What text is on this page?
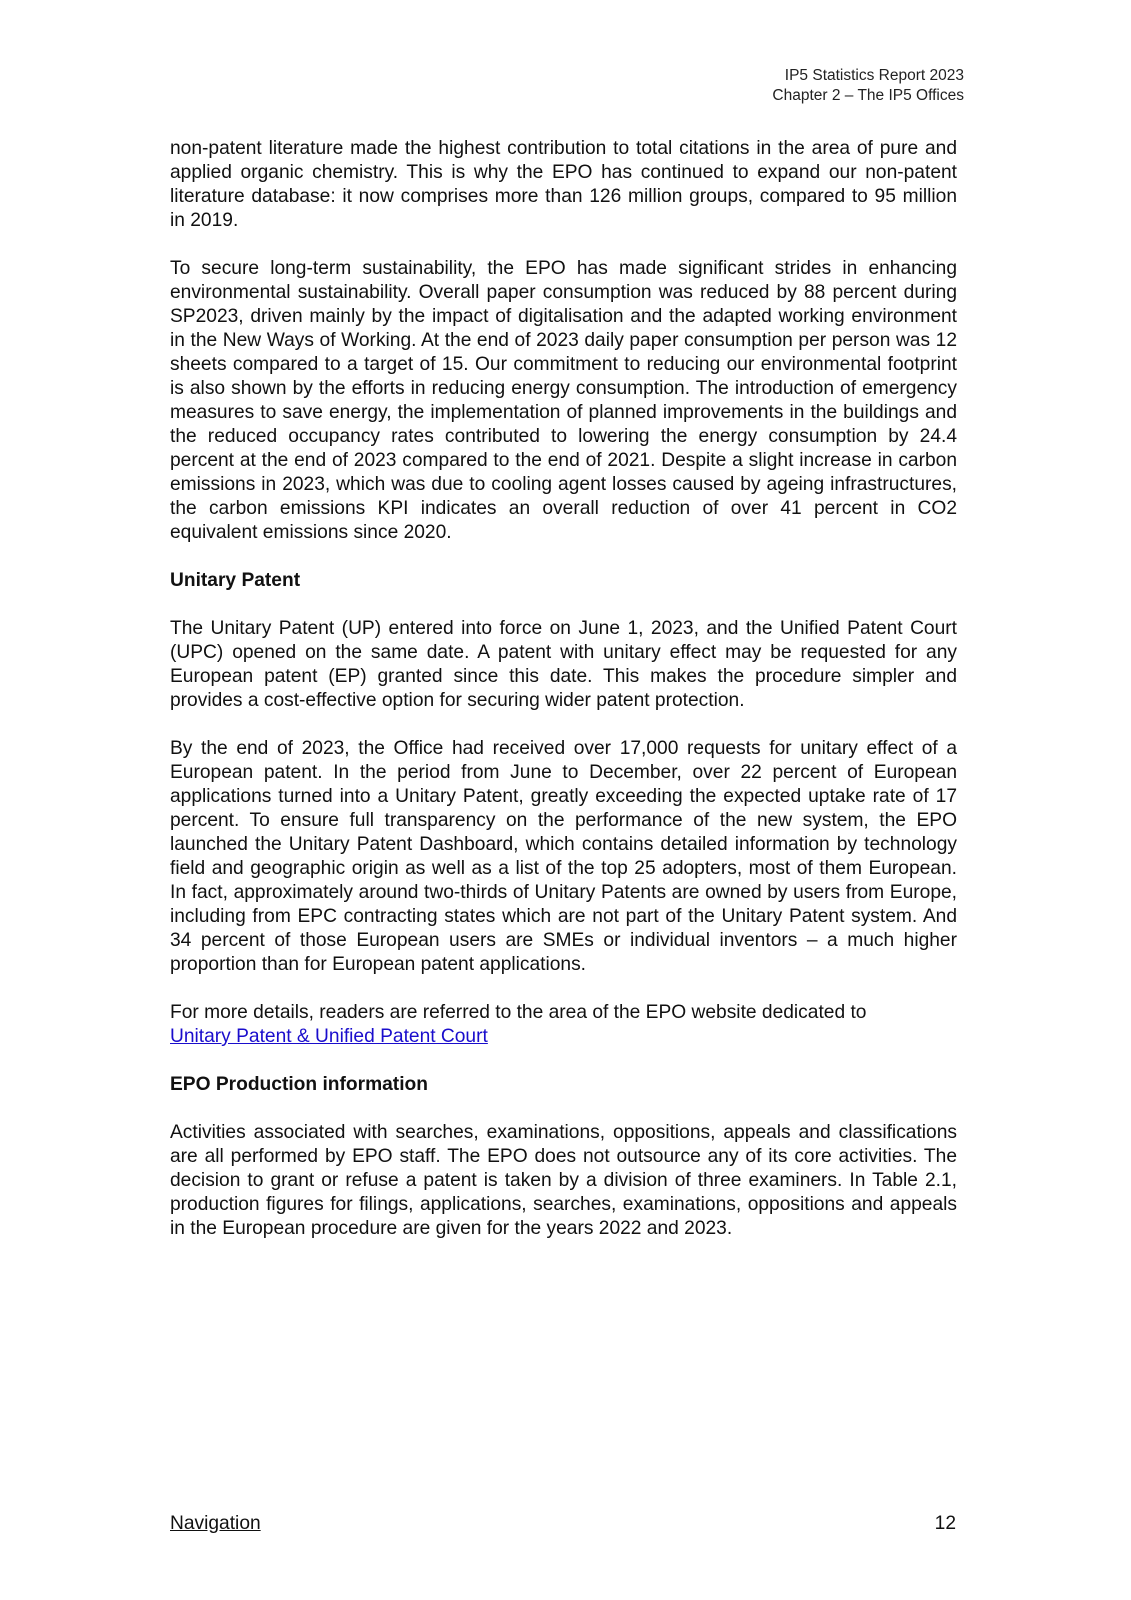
IP5 Statistics Report 2023
Chapter 2 – The IP5 Offices

non-patent literature made the highest contribution to total citations in the area of pure and applied organic chemistry. This is why the EPO has continued to expand our non-patent literature database: it now comprises more than 126 million groups, compared to 95 million in 2019.

To secure long-term sustainability, the EPO has made significant strides in enhancing environmental sustainability. Overall paper consumption was reduced by 88 percent during SP2023, driven mainly by the impact of digitalisation and the adapted working environment in the New Ways of Working. At the end of 2023 daily paper consumption per person was 12 sheets compared to a target of 15. Our commitment to reducing our environmental footprint is also shown by the efforts in reducing energy consumption. The introduction of emergency measures to save energy, the implementation of planned improvements in the buildings and the reduced occupancy rates contributed to lowering the energy consumption by 24.4 percent at the end of 2023 compared to the end of 2021. Despite a slight increase in carbon emissions in 2023, which was due to cooling agent losses caused by ageing infrastructures, the carbon emissions KPI indicates an overall reduction of over 41 percent in CO2 equivalent emissions since 2020.

Unitary Patent

The Unitary Patent (UP) entered into force on June 1, 2023, and the Unified Patent Court (UPC) opened on the same date. A patent with unitary effect may be requested for any European patent (EP) granted since this date. This makes the procedure simpler and provides a cost-effective option for securing wider patent protection.

By the end of 2023, the Office had received over 17,000 requests for unitary effect of a European patent. In the period from June to December, over 22 percent of European applications turned into a Unitary Patent, greatly exceeding the expected uptake rate of 17 percent. To ensure full transparency on the performance of the new system, the EPO launched the Unitary Patent Dashboard, which contains detailed information by technology field and geographic origin as well as a list of the top 25 adopters, most of them European. In fact, approximately around two-thirds of Unitary Patents are owned by users from Europe, including from EPC contracting states which are not part of the Unitary Patent system. And 34 percent of those European users are SMEs or individual inventors – a much higher proportion than for European patent applications.

For more details, readers are referred to the area of the EPO website dedicated to
Unitary Patent & Unified Patent Court

EPO Production information

Activities associated with searches, examinations, oppositions, appeals and classifications are all performed by EPO staff. The EPO does not outsource any of its core activities. The decision to grant or refuse a patent is taken by a division of three examiners. In Table 2.1, production figures for filings, applications, searches, examinations, oppositions and appeals in the European procedure are given for the years 2022 and 2023.

Navigation	12
